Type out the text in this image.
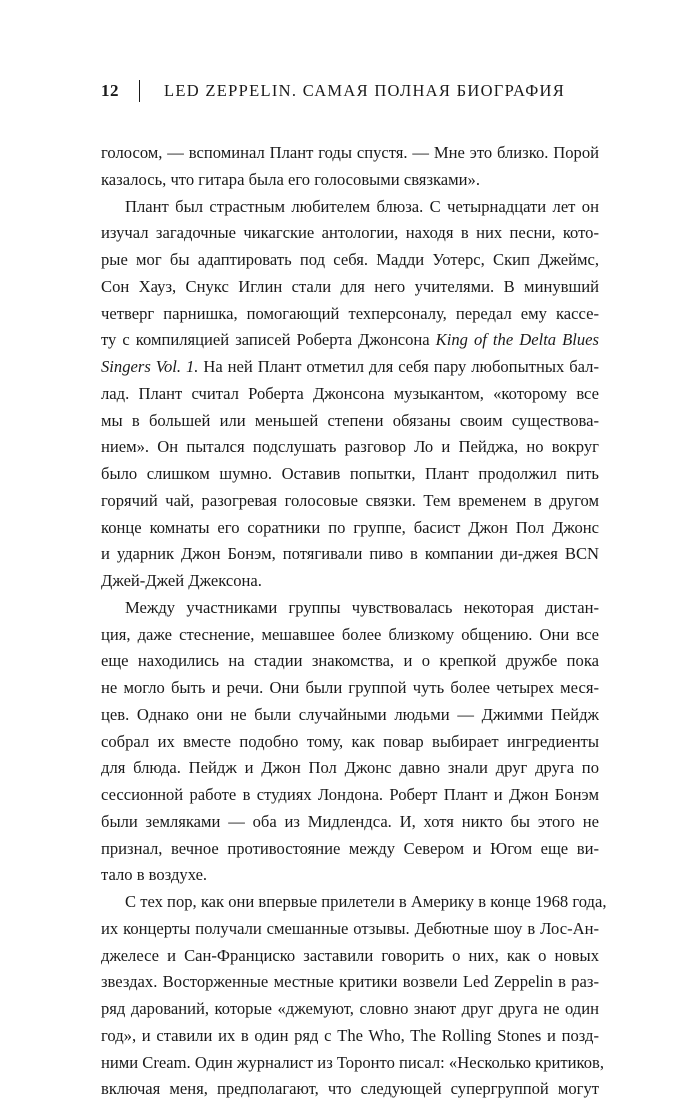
12	LED ZEPPELIN. САМАЯ ПОЛНАЯ БИОГРАФИЯ
голосом, — вспоминал Плант годы спустя. — Мне это близко. Порой
казалось, что гитара была его голосовыми связками».
Плант был страстным любителем блюза. С четырнадцати лет он
изучал загадочные чикагские антологии, находя в них песни, кото-
рые мог бы адаптировать под себя. Мадди Уотерс, Скип Джеймс,
Сон Хауз, Снукс Иглин стали для него учителями. В минувший
четверг парнишка, помогающий техперсоналу, передал ему кассе-
ту с компиляцией записей Роберта Джонсона King of the Delta Blues
Singers Vol. 1. На ней Плант отметил для себя пару любопытных бал-
лад. Плант считал Роберта Джонсона музыкантом, «которому все
мы в большей или меньшей степени обязаны своим существова-
нием». Он пытался подслушать разговор Ло и Пейджа, но вокруг
было слишком шумно. Оставив попытки, Плант продолжил пить
горячий чай, разогревая голосовые связки. Тем временем в другом
конце комнаты его соратники по группе, басист Джон Пол Джонс
и ударник Джон Бонэм, потягивали пиво в компании ди-джея BCN
Джей-Джей Джексона.
Между участниками группы чувствовалась некоторая дистан-
ция, даже стеснение, мешавшее более близкому общению. Они все
еще находились на стадии знакомства, и о крепкой дружбе пока
не могло быть и речи. Они были группой чуть более четырех меся-
цев. Однако они не были случайными людьми — Джимми Пейдж
собрал их вместе подобно тому, как повар выбирает ингредиенты
для блюда. Пейдж и Джон Пол Джонс давно знали друг друга по
сессионной работе в студиях Лондона. Роберт Плант и Джон Бонэм
были земляками — оба из Мидлендса. И, хотя никто бы этого не
признал, вечное противостояние между Севером и Югом еще ви-
тало в воздухе.
С тех пор, как они впервые прилетели в Америку в конце 1968 года,
их концерты получали смешанные отзывы. Дебютные шоу в Лос-Ан-
джелесе и Сан-Франциско заставили говорить о них, как о новых
звездах. Восторженные местные критики возвели Led Zeppelin в раз-
ряд дарований, которые «джемуют, словно знают друг друга не один
год», и ставили их в один ряд с The Who, The Rolling Stones и позд-
ними Cream. Один журналист из Торонто писал: «Несколько критиков,
включая меня, предполагают, что следующей супергруппой могут
